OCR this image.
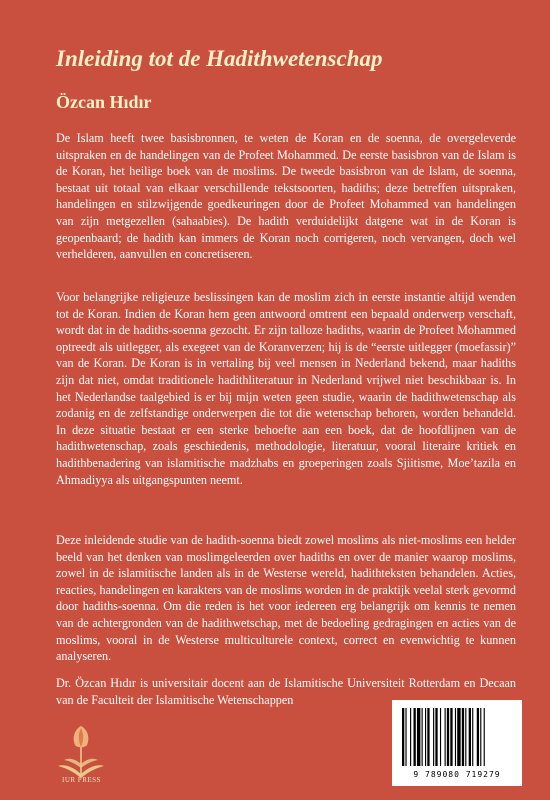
Inleiding tot de Hadithwetenschap
Özcan Hıdır

De Islam heeft twee basisbronnen, te weten de Koran en de soenna, de overgeleverde uitspraken en de handelingen van de Profeet Mohammed. De eerste basisbron van de Islam is de Koran, het heilige boek van de moslims. De tweede basisbron van de Islam, de soenna, bestaat uit totaal van elkaar verschillende tekstsoorten, hadiths; deze betreffen uitspraken, handelingen en stilzwijgende goedkeuringen door de Profeet Mohammed van handelingen van zijn metgezellen (sahaabies). De hadith verduidelijkt datgene wat in de Koran is geopenbaard; de hadith kan immers de Koran noch corrigeren, noch vervangen, doch wel verhelderen, aanvullen en concretiseren.

Voor belangrijke religieuze beslissingen kan de moslim zich in eerste instantie altijd wenden tot de Koran. Indien de Koran hem geen antwoord omtrent een bepaald onderwerp verschaft, wordt dat in de hadiths-soenna gezocht. Er zijn talloze hadiths, waarin de Profeet Mohammed optreedt als uitlegger, als exegeet van de Koranverzen; hij is de “eerste uitlegger (moefassir)” van de Koran. De Koran is in vertaling bij veel mensen in Nederland bekend, maar hadiths zijn dat niet, omdat traditionele hadithliteratuur in Nederland vrijwel niet beschikbaar is. In het Nederlandse taalgebied is er bij mijn weten geen studie, waarin de hadithwetenschap als zodanig en de zelfstandige onderwerpen die tot die wetenschap behoren, worden behandeld. In deze situatie bestaat er een sterke behoefte aan een boek, dat de hoofdlijnen van de hadithwetenschap, zoals geschiedenis, methodologie, literatuur, vooral literaire kritiek en hadithbenadering van islamitische madzhabs en groeperingen zoals Sjiitisme, Moe’tazila en Ahmadiyya als uitgangspunten neemt.

Deze inleidende studie van de hadith-soenna biedt zowel moslims als niet-moslims een helder beeld van het denken van moslimgeleerden over hadiths en over de manier waarop moslims, zowel in de islamitische landen als in de Westerse wereld, hadithteksten behandelen. Acties, reacties, handelingen en karakters van de moslims worden in de praktijk veelal sterk gevormd door hadiths-soenna. Om die reden is het voor iedereen erg belangrijk om kennis te nemen van de achtergronden van de hadithwetschap, met de bedoeling gedragingen en acties van de moslims, vooral in de Westerse multiculturele context, correct en evenwichtig te kunnen analyseren.

Dr. Özcan Hıdır is universitair docent aan de Islamitische Universiteit Rotterdam en Decaan van de Faculteit der Islamitische Wetenschappen

IUR PRESS
9 789080 719279
